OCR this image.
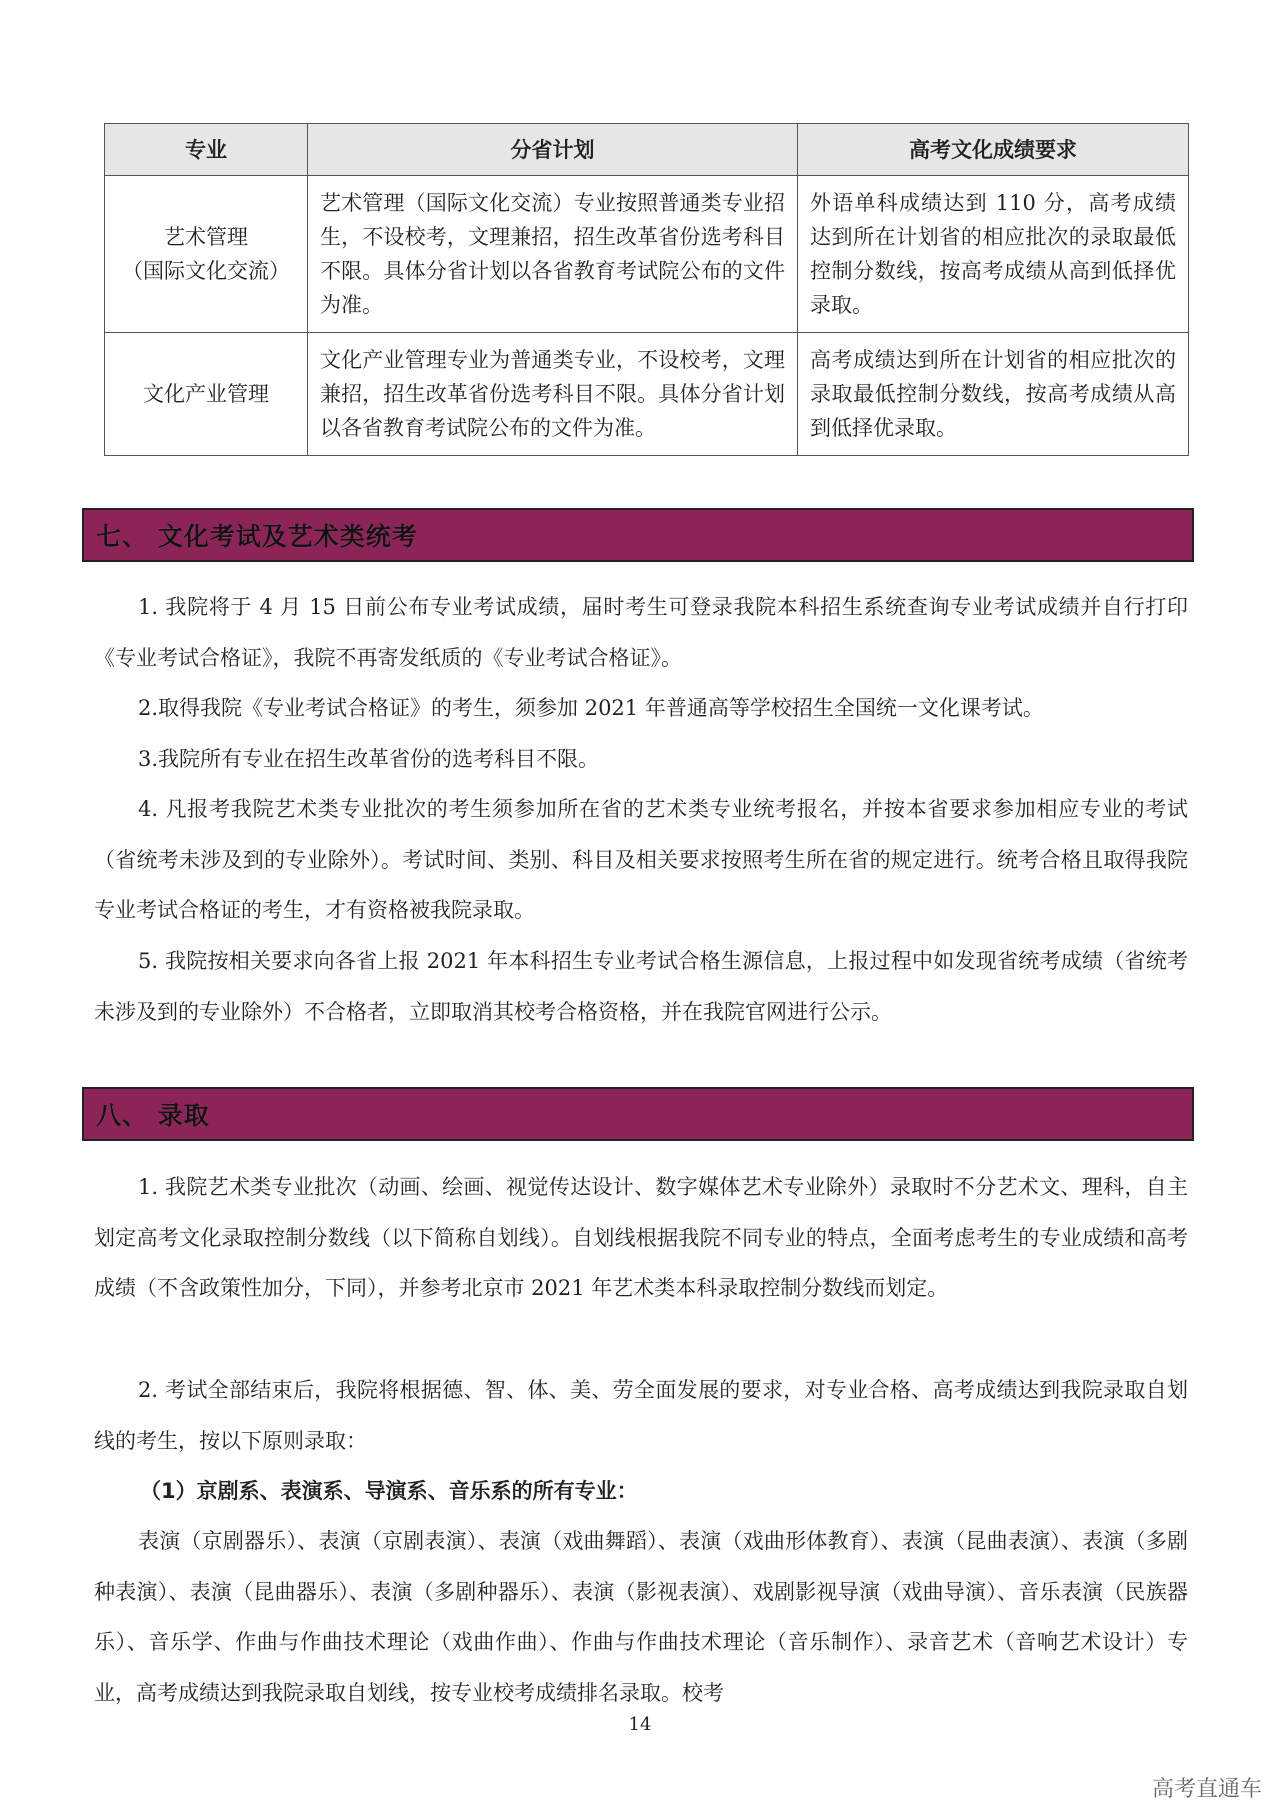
专业	分省计划	高考文化成绩要求
艺术管理
（国际文化交流）	艺术管理（国际文化交流）专业按照普通类专业招生，不设校考，文理兼招，招生改革省份选考科目不限。具体分省计划以各省教育考试院公布的文件为准。	外语单科成绩达到 110 分，高考成绩达到所在计划省的相应批次的录取最低控制分数线，按高考成绩从高到低择优录取。
文化产业管理	文化产业管理专业为普通类专业，不设校考，文理兼招，招生改革省份选考科目不限。具体分省计划以各省教育考试院公布的文件为准。	高考成绩达到所在计划省的相应批次的录取最低控制分数线，按高考成绩从高到低择优录取。
七、 文化考试及艺术类统考

1. 我院将于 4 月 15 日前公布专业考试成绩，届时考生可登录我院本科招生系统查询专业考试成绩并自行打印《专业考试合格证》，我院不再寄发纸质的《专业考试合格证》。

2.取得我院《专业考试合格证》的考生，须参加 2021 年普通高等学校招生全国统一文化课考试。

3.我院所有专业在招生改革省份的选考科目不限。

4. 凡报考我院艺术类专业批次的考生须参加所在省的艺术类专业统考报名，并按本省要求参加相应专业的考试（省统考未涉及到的专业除外）。考试时间、类别、科目及相关要求按照考生所在省的规定进行。统考合格且取得我院专业考试合格证的考生，才有资格被我院录取。

5. 我院按相关要求向各省上报 2021 年本科招生专业考试合格生源信息，上报过程中如发现省统考成绩（省统考未涉及到的专业除外）不合格者，立即取消其校考合格资格，并在我院官网进行公示。

八、 录取

1. 我院艺术类专业批次（动画、绘画、视觉传达设计、数字媒体艺术专业除外）录取时不分艺术文、理科，自主划定高考文化录取控制分数线（以下简称自划线）。自划线根据我院不同专业的特点，全面考虑考生的专业成绩和高考成绩（不含政策性加分，下同），并参考北京市 2021 年艺术类本科录取控制分数线而划定。

2. 考试全部结束后，我院将根据德、智、体、美、劳全面发展的要求，对专业合格、高考成绩达到我院录取自划线的考生，按以下原则录取：

（1）京剧系、表演系、导演系、音乐系的所有专业：

表演（京剧器乐）、表演（京剧表演）、表演（戏曲舞蹈）、表演（戏曲形体教育）、表演（昆曲表演）、表演（多剧种表演）、表演（昆曲器乐）、表演（多剧种器乐）、表演（影视表演）、戏剧影视导演（戏曲导演）、音乐表演（民族器乐）、音乐学、作曲与作曲技术理论（戏曲作曲）、作曲与作曲技术理论（音乐制作）、录音艺术（音响艺术设计）专业，高考成绩达到我院录取自划线，按专业校考成绩排名录取。校考

14
高考直通车
